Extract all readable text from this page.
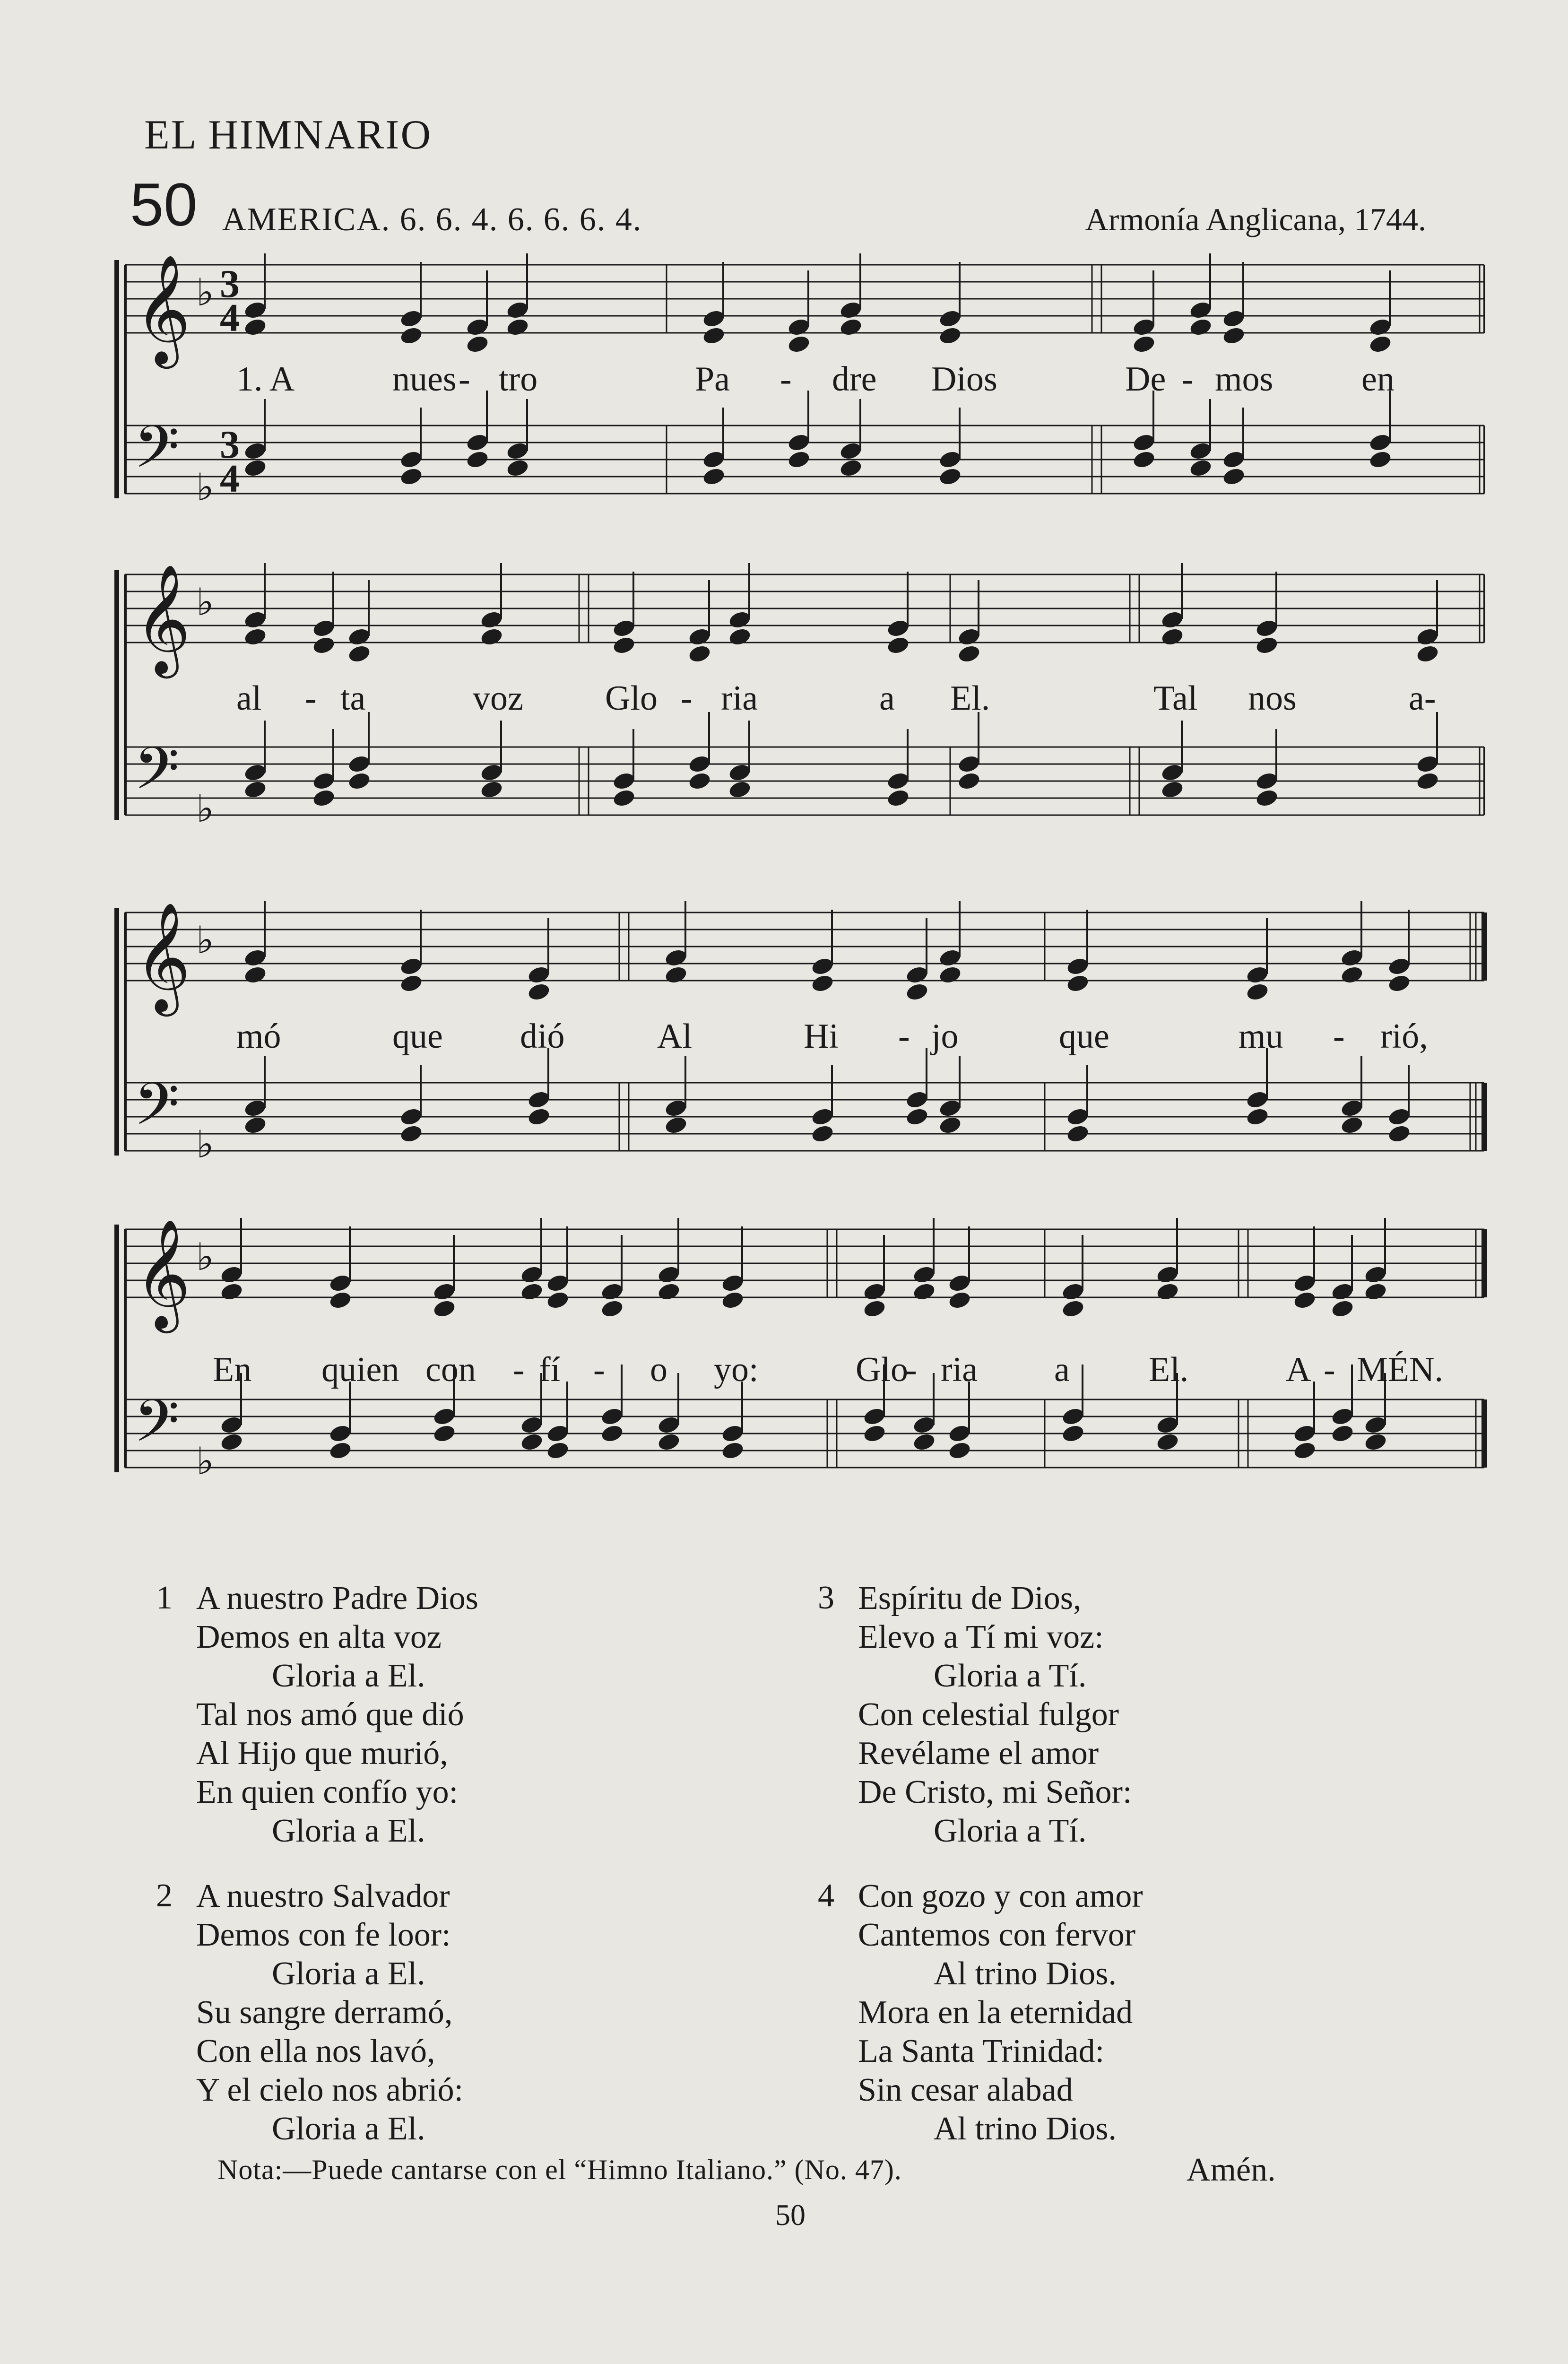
EL HIMNARIO
50 AMERICA. 6. 6. 4. 6. 6. 6. 4.	Armonía Anglicana, 1744.
𝄞
𝄢
♭
♭
3
3
4
4
𝄞
𝄢
♭
♭
𝄞
𝄢
♭
♭
𝄞
𝄢
♭
♭
1. A	nues - tro	Pa - dre Dios	De - mos	en
al - ta	voz Glo - ria	a El.	Tal nos	a-
mó	que dió	Al	Hi - jo	que	mu - rió,
En quien con - fí - o yo:	Glo
- ria a El.	A - MÉN.
1 A nuestro Padre Dios
Demos en alta voz
Gloria a El.
Tal nos amó que dió
Al Hijo que murió,
En quien confío yo:
Gloria a El.
2 A nuestro Salvador
Demos con fe loor:
Gloria a El.
Su sangre derramó,
Con ella nos lavó,
Y el cielo nos abrió:
Gloria a El.
3 Espíritu de Dios,
Elevo a Tí mi voz:
Gloria a Tí.
Con celestial fulgor
Revélame el amor
De Cristo, mi Señor:
Gloria a Tí.
4 Con gozo y con amor
Cantemos con fervor
Al trino Dios.
Mora en la eternidad
La Santa Trinidad:
Sin cesar alabad
Al trino Dios.
Nota:—Puede cantarse con el “Himno Italiano.” (No. 47).	Amén.
50
